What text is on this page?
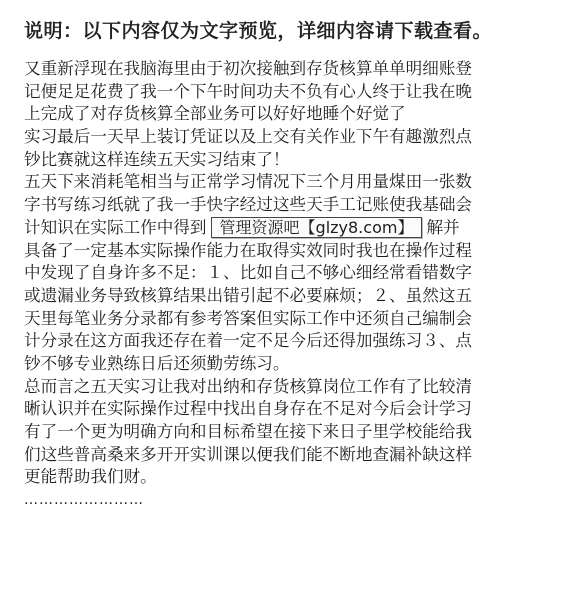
说明：以下内容仅为文字预览，详细内容请下载查看。
又重新浮现在我脑海里由于初次接触到存货核算单单明细账登
记便足足花费了我一个下午时间功夫不负有心人终于让我在晚
上完成了对存货核算全部业务可以好好地睡个好觉了
实习最后一天早上装订凭证以及上交有关作业下午有趣激烈点
钞比赛就这样连续五天实习结束了！
五天下来消耗笔相当与正常学习情况下三个月用量煤田一张数
字书写练习纸就了我一手快字经过这些天手工记账使我基础会
计知识在实际工作中得到 管理资源吧【glzy8.com】 解并
具备了一定基本实际操作能力在取得实效同时我也在操作过程
中发现了自身许多不足：１、比如自己不够心细经常看错数字
或遗漏业务导致核算结果出错引起不必要麻烦；２、虽然这五
天里每笔业务分录都有参考答案但实际工作中还须自己编制会
计分录在这方面我还存在着一定不足今后还得加强练习３、点
钞不够专业熟练日后还须勤劳练习。
总而言之五天实习让我对出纳和存货核算岗位工作有了比较清
晰认识并在实际操作过程中找出自身存在不足对今后会计学习
有了一个更为明确方向和目标希望在接下来日子里学校能给我
们这些普高桑来多开开实训课以便我们能不断地查漏补缺这样
更能帮助我们财。
……………………
